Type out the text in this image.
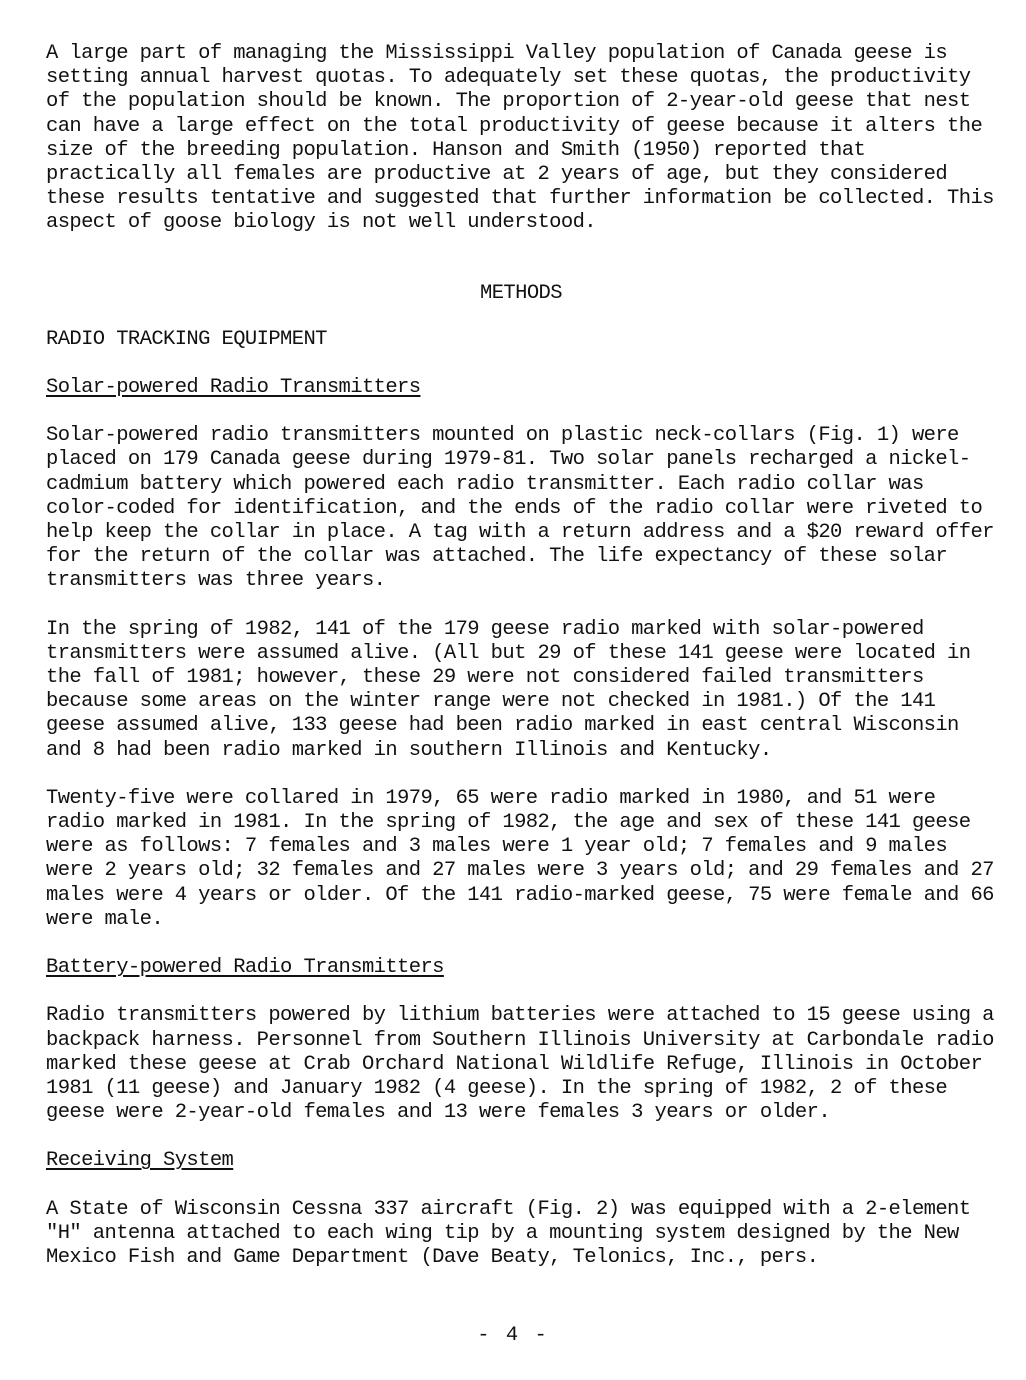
A large part of managing the Mississippi Valley population of Canada geese is setting annual harvest quotas. To adequately set these quotas, the productivity of the population should be known. The proportion of 2-year-old geese that nest can have a large effect on the total productivity of geese because it alters the size of the breeding population. Hanson and Smith (1950) reported that practically all females are productive at 2 years of age, but they considered these results tentative and suggested that further information be collected. This aspect of goose biology is not well understood.

METHODS
RADIO TRACKING EQUIPMENT
Solar-powered Radio Transmitters

Solar-powered radio transmitters mounted on plastic neck-collars (Fig. 1) were placed on 179 Canada geese during 1979-81. Two solar panels recharged a nickel-cadmium battery which powered each radio transmitter. Each radio collar was color-coded for identification, and the ends of the radio collar were riveted to help keep the collar in place. A tag with a return address and a $20 reward offer for the return of the collar was attached. The life expectancy of these solar transmitters was three years.

In the spring of 1982, 141 of the 179 geese radio marked with solar-powered transmitters were assumed alive. (All but 29 of these 141 geese were located in the fall of 1981; however, these 29 were not considered failed transmitters because some areas on the winter range were not checked in 1981.) Of the 141 geese assumed alive, 133 geese had been radio marked in east central Wisconsin and 8 had been radio marked in southern Illinois and Kentucky.

Twenty-five were collared in 1979, 65 were radio marked in 1980, and 51 were radio marked in 1981. In the spring of 1982, the age and sex of these 141 geese were as follows: 7 females and 3 males were 1 year old; 7 females and 9 males were 2 years old; 32 females and 27 males were 3 years old; and 29 females and 27 males were 4 years or older. Of the 141 radio-marked geese, 75 were female and 66 were male.

Battery-powered Radio Transmitters

Radio transmitters powered by lithium batteries were attached to 15 geese using a backpack harness. Personnel from Southern Illinois University at Carbondale radio marked these geese at Crab Orchard National Wildlife Refuge, Illinois in October 1981 (11 geese) and January 1982 (4 geese). In the spring of 1982, 2 of these geese were 2-year-old females and 13 were females 3 years or older.

Receiving System

A State of Wisconsin Cessna 337 aircraft (Fig. 2) was equipped with a 2-element "H" antenna attached to each wing tip by a mounting system designed by the New Mexico Fish and Game Department (Dave Beaty, Telonics, Inc., pers.

- 4 -
